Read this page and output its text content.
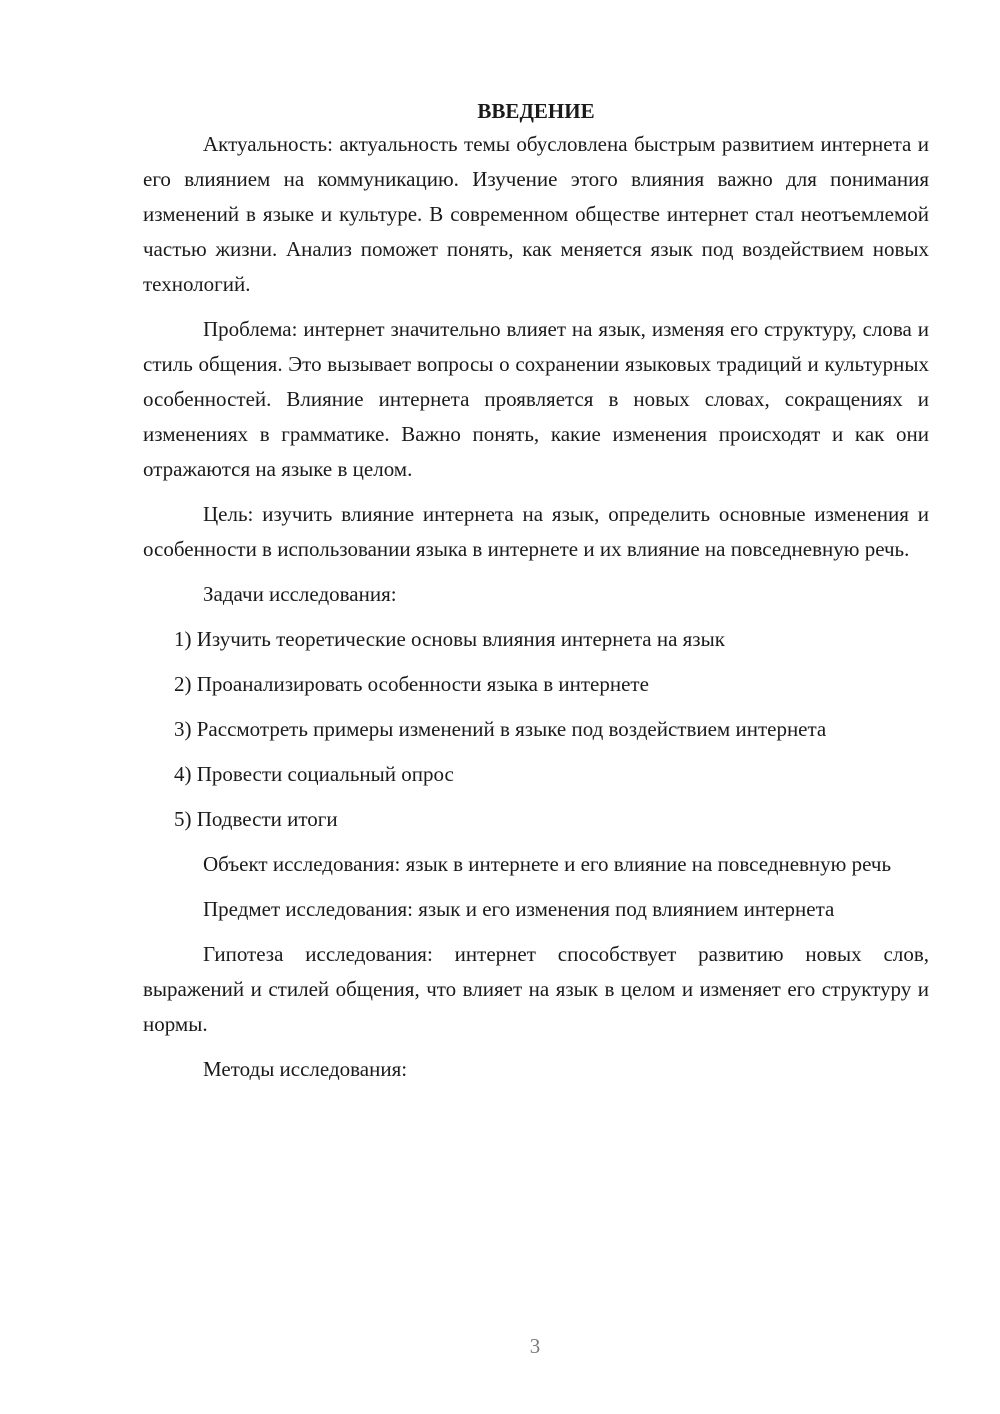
ВВЕДЕНИЕ

Актуальность: актуальность темы обусловлена быстрым развитием интернета и его влиянием на коммуникацию. Изучение этого влияния важно для понимания изменений в языке и культуре. В современном обществе интернет стал неотъемлемой частью жизни. Анализ поможет понять, как меняется язык под воздействием новых технологий.

Проблема: интернет значительно влияет на язык, изменяя его структуру, слова и стиль общения. Это вызывает вопросы о сохранении языковых традиций и культурных особенностей. Влияние интернета проявляется в новых словах, сокращениях и изменениях в грамматике. Важно понять, какие изменения происходят и как они отражаются на языке в целом.

Цель: изучить влияние интернета на язык, определить основные изменения и особенности в использовании языка в интернете и их влияние на повседневную речь.

Задачи исследования:

1) Изучить теоретические основы влияния интернета на язык

2) Проанализировать особенности языка в интернете

3) Рассмотреть примеры изменений в языке под воздействием интернета

4) Провести социальный опрос

5) Подвести итоги

Объект исследования: язык в интернете и его влияние на повседневную речь

Предмет исследования: язык и его изменения под влиянием интернета

Гипотеза исследования: интернет способствует развитию новых слов, выражений и стилей общения, что влияет на язык в целом и изменяет его структуру и нормы.

Методы исследования:

3
